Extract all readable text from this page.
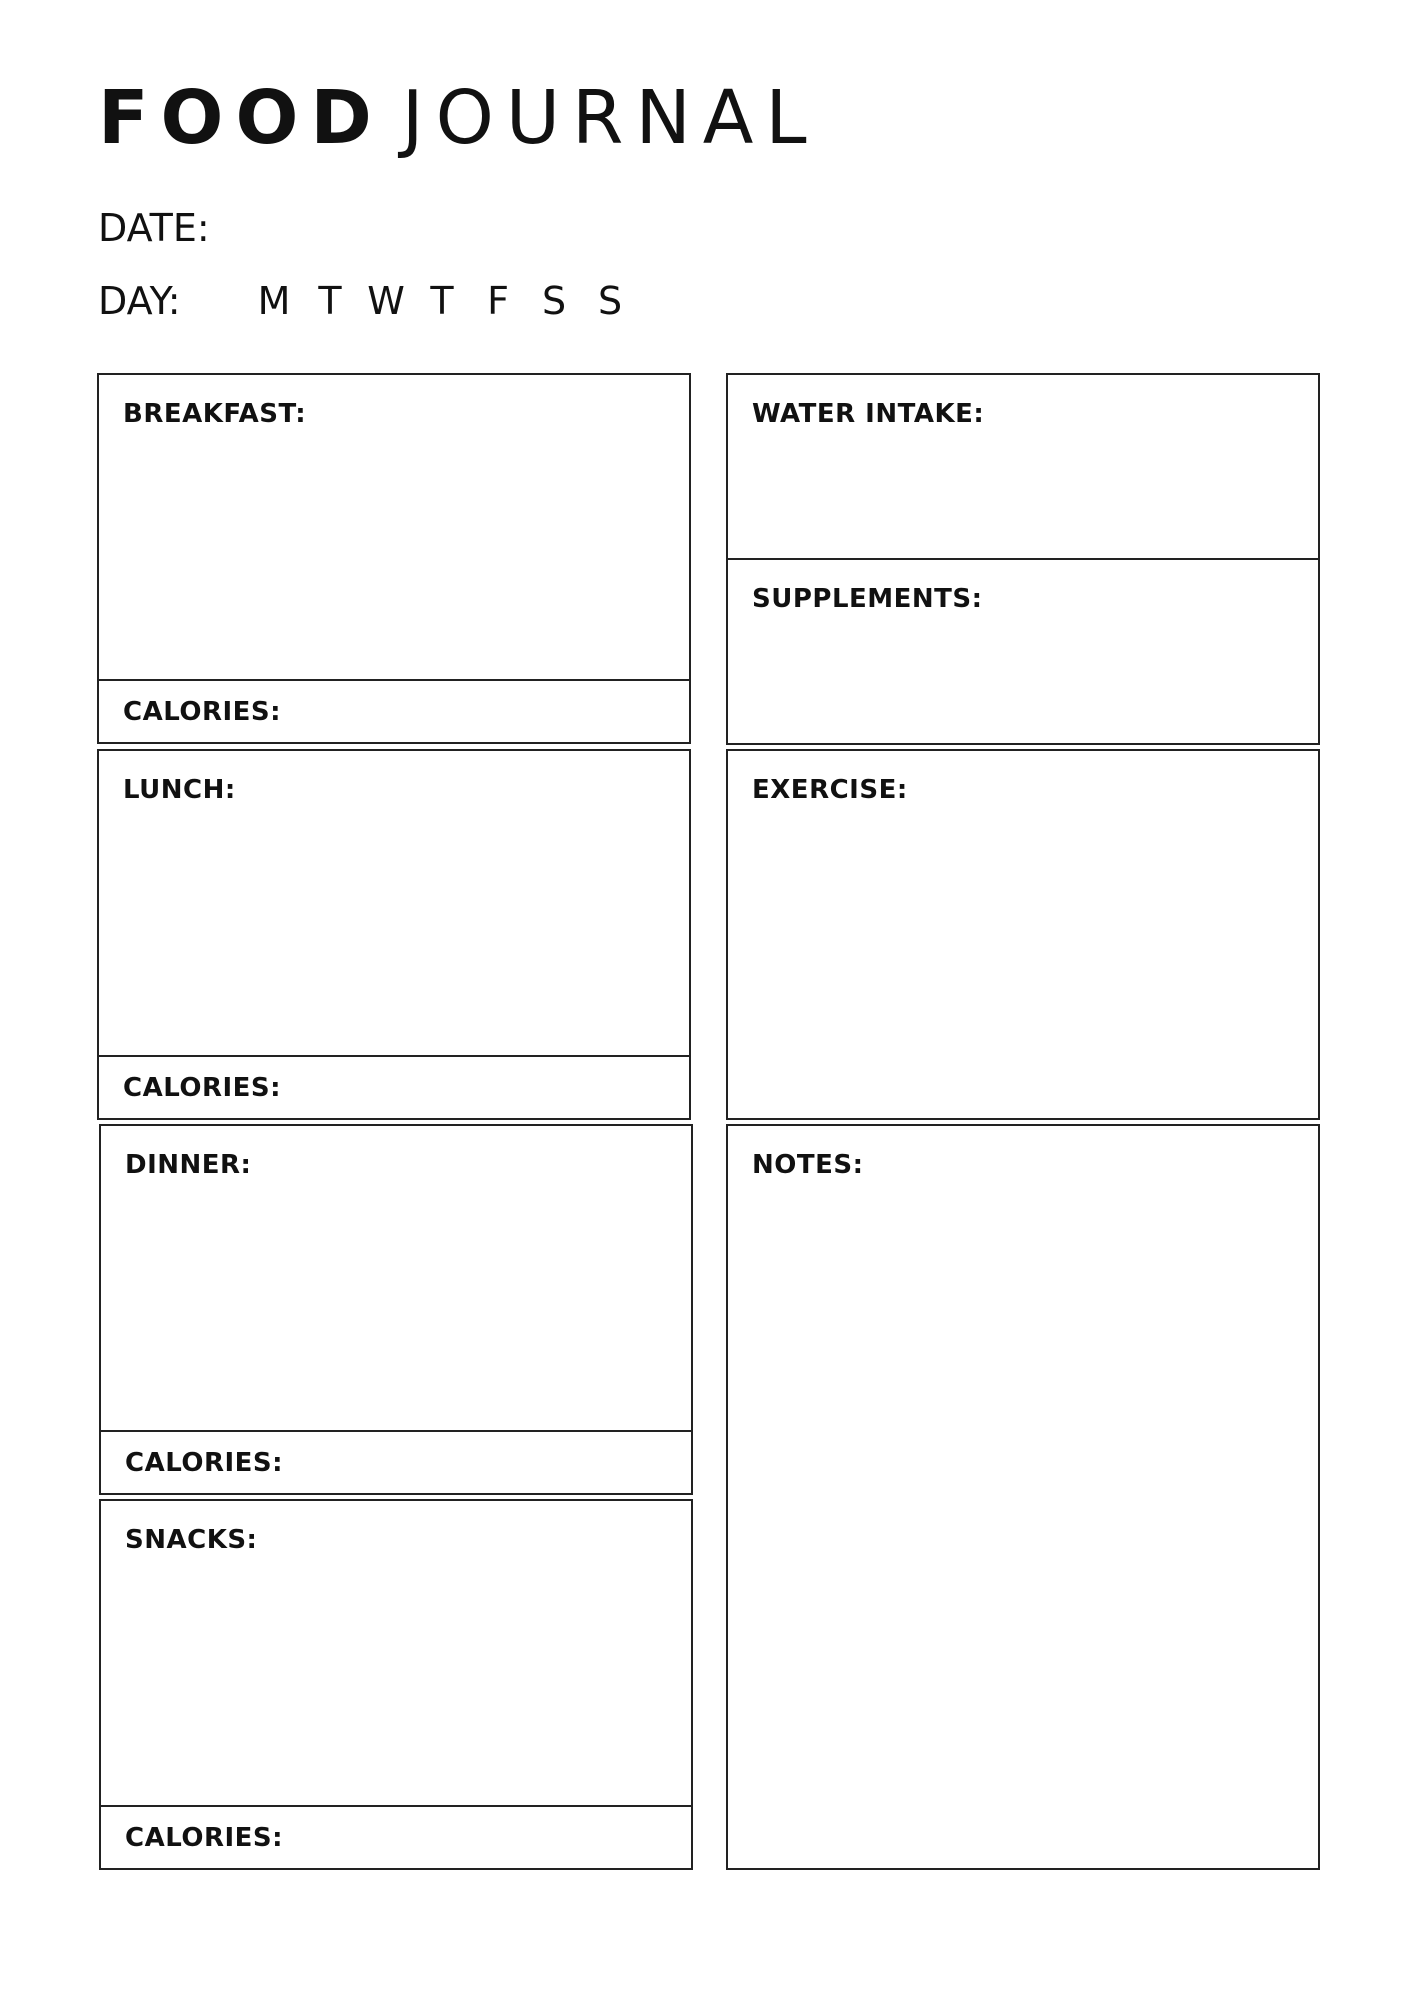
FOOD JOURNAL
DATE:
DAY:	M T W T F S S
BREAKFAST:
CALORIES:
LUNCH:
CALORIES:
DINNER:
CALORIES:
SNACKS:
CALORIES:
WATER INTAKE:
SUPPLEMENTS:
EXERCISE:
NOTES:
